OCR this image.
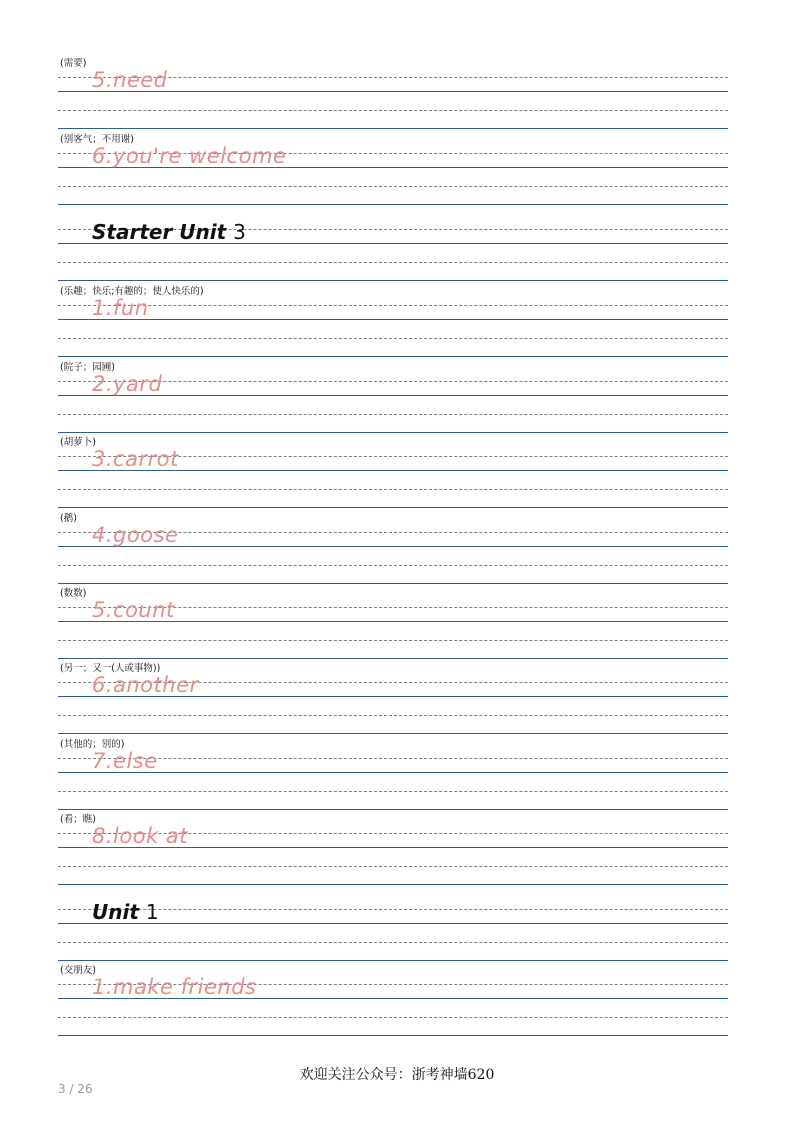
(需要)
5.need
(别客气；不用谢)
6.you're welcome
Starter Unit 3
(乐趣；快乐;有趣的；使人快乐的)
1.fun
(院子；园圃)
2.yard
(胡萝卜)
3.carrot
(鹅)
4.goose
(数数)
5.count
(另一；又一(人或事物))
6.another
(其他的；别的)
7.else
(看；瞧)
8.look at
Unit 1
(交朋友)
1.make friends
欢迎关注公众号：浙考神墙620
3 / 26
